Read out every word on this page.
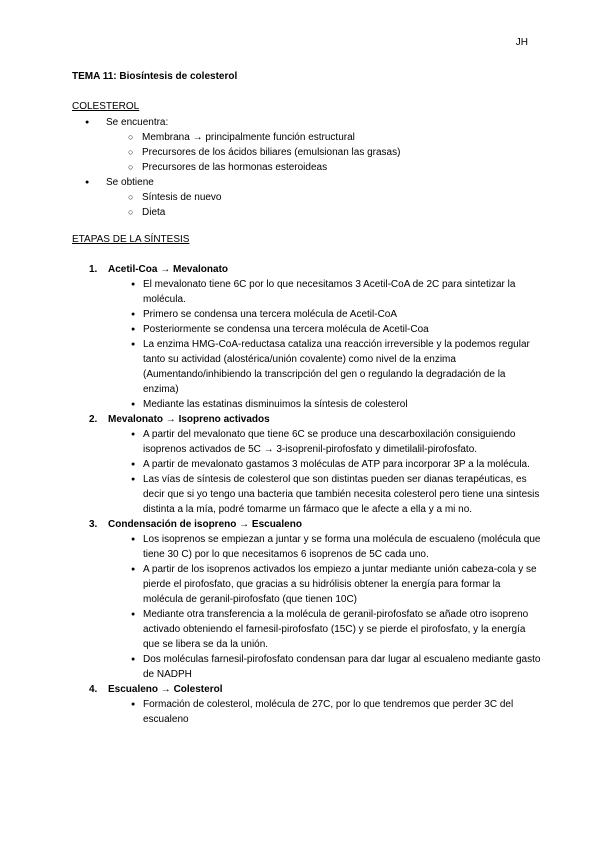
JH
TEMA 11: Biosíntesis de colesterol
COLESTEROL
● Se encuentra:
○ Membrana → principalmente función estructural
○ Precursores de los ácidos biliares (emulsionan las grasas)
○ Precursores de las hormonas esteroideas
● Se obtiene
○ Síntesis de nuevo
○ Dieta
ETAPAS DE LA SÍNTESIS
1. Acetil-Coa → Mevalonato
● El mevalonato tiene 6C por lo que necesitamos 3 Acetil-CoA de 2C para sintetizar la molécula.
● Primero se condensa una tercera molécula de Acetil-CoA
● Posteriormente se condensa una tercera molécula de Acetil-Coa
● La enzima HMG-CoA-reductasa cataliza una reacción irreversible y la podemos regular tanto su actividad (alostérica/unión covalente) como nivel de la enzima (Aumentando/inhibiendo la transcripción del gen o regulando la degradación de la enzima)
● Mediante las estatinas disminuimos la síntesis de colesterol
2. Mevalonato → Isopreno activados
● A partir del mevalonato que tiene 6C se produce una descarboxilación consiguiendo isoprenos activados de 5C → 3-isoprenil-pirofosfato y dimetilalil-pirofosfato.
● A partir de mevalonato gastamos 3 moléculas de ATP para incorporar 3P a la molécula.
● Las vías de síntesis de colesterol que son distintas pueden ser dianas terapéuticas, es decir que si yo tengo una bacteria que también necesita colesterol pero tiene una sintesis distinta a la mía, podré tomarme un fármaco que le afecte a ella y a mi no.
3. Condensación de isopreno → Escualeno
● Los isoprenos se empiezan a juntar y se forma una molécula de escualeno (molécula que tiene 30 C) por lo que necesitamos 6 isoprenos de 5C cada uno.
● A partir de los isoprenos activados los empiezo a juntar mediante unión cabeza-cola y se pierde el pirofosfato, que gracias a su hidrólisis obtener la energía para formar la molécula de geranil-pirofosfato (que tienen 10C)
● Mediante otra transferencia a la molécula de geranil-pirofosfato se añade otro isopreno activado obteniendo el farnesil-pirofosfato (15C) y se pierde el pirofosfato, y la energía que se libera se da la unión.
● Dos moléculas farnesil-pirofosfato condensan para dar lugar al escualeno mediante gasto de NADPH
4. Escualeno → Colesterol
● Formación de colesterol, molécula de 27C, por lo que tendremos que perder 3C del escualeno
